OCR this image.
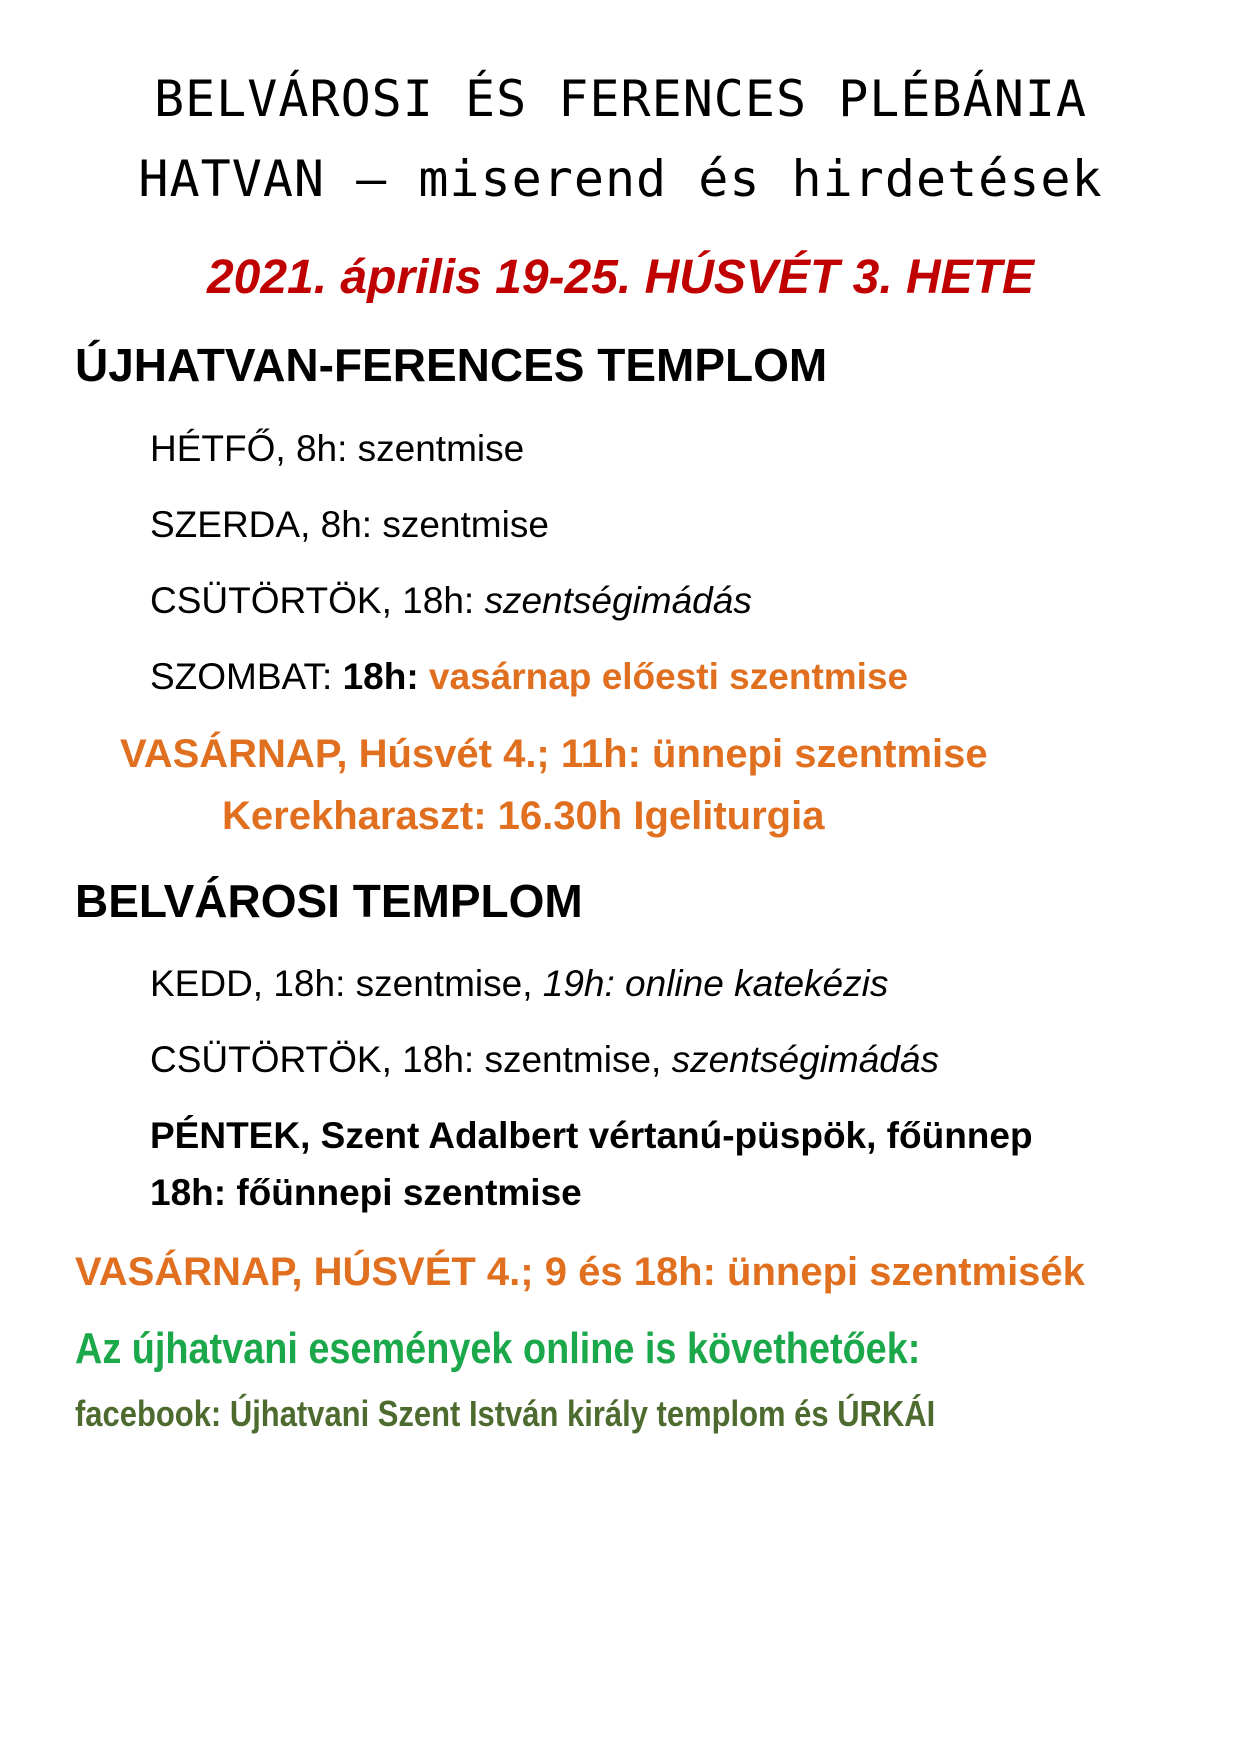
BELVÁROSI ÉS FERENCES PLÉBÁNIA
HATVAN – miserend és hirdetések
2021. április 19-25. HÚSVÉT 3. HETE
ÚJHATVAN-FERENCES TEMPLOM
HÉTFŐ, 8h: szentmise
SZERDA, 8h: szentmise
CSÜTÖRTÖK, 18h: szentségimádás
SZOMBAT: 18h: vasárnap előesti szentmise
VASÁRNAP, Húsvét 4.; 11h: ünnepi szentmise
Kerekharaszt: 16.30h Igeliturgia
BELVÁROSI TEMPLOM
KEDD, 18h: szentmise, 19h: online katekézis
CSÜTÖRTÖK, 18h: szentmise, szentségimádás
PÉNTEK, Szent Adalbert vértanú-püspök, főünnep
18h: főünnepi szentmise
VASÁRNAP, HÚSVÉT 4.; 9 és 18h: ünnepi szentmisék
Az újhatvani események online is követhetőek:
facebook: Újhatvani Szent István király templom és ÚRKÁI
